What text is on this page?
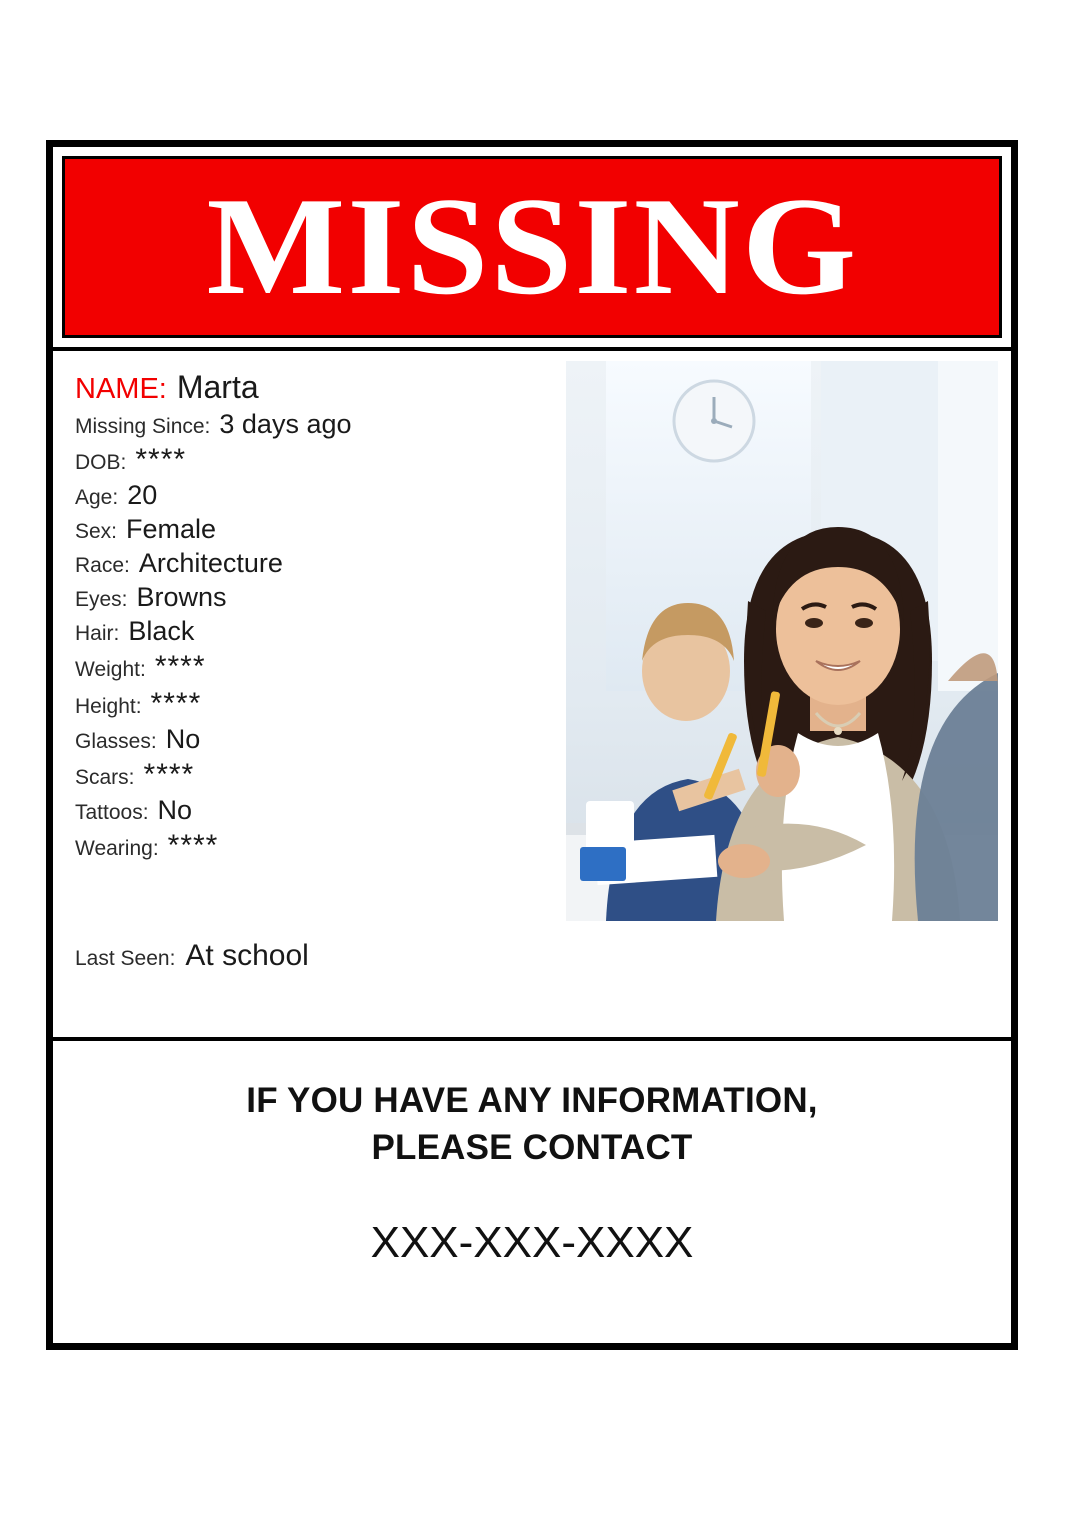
MISSING
NAME: Marta
Missing Since: 3 days ago
DOB: ****
Age: 20
Sex: Female
Race: Architecture
Eyes: Browns
Hair: Black
Weight: ****
Height: ****
Glasses: No
Scars: ****
Tattoos: No
Wearing: ****
Last Seen: At school
IF YOU HAVE ANY INFORMATION,
PLEASE CONTACT
XXX-XXX-XXXX
